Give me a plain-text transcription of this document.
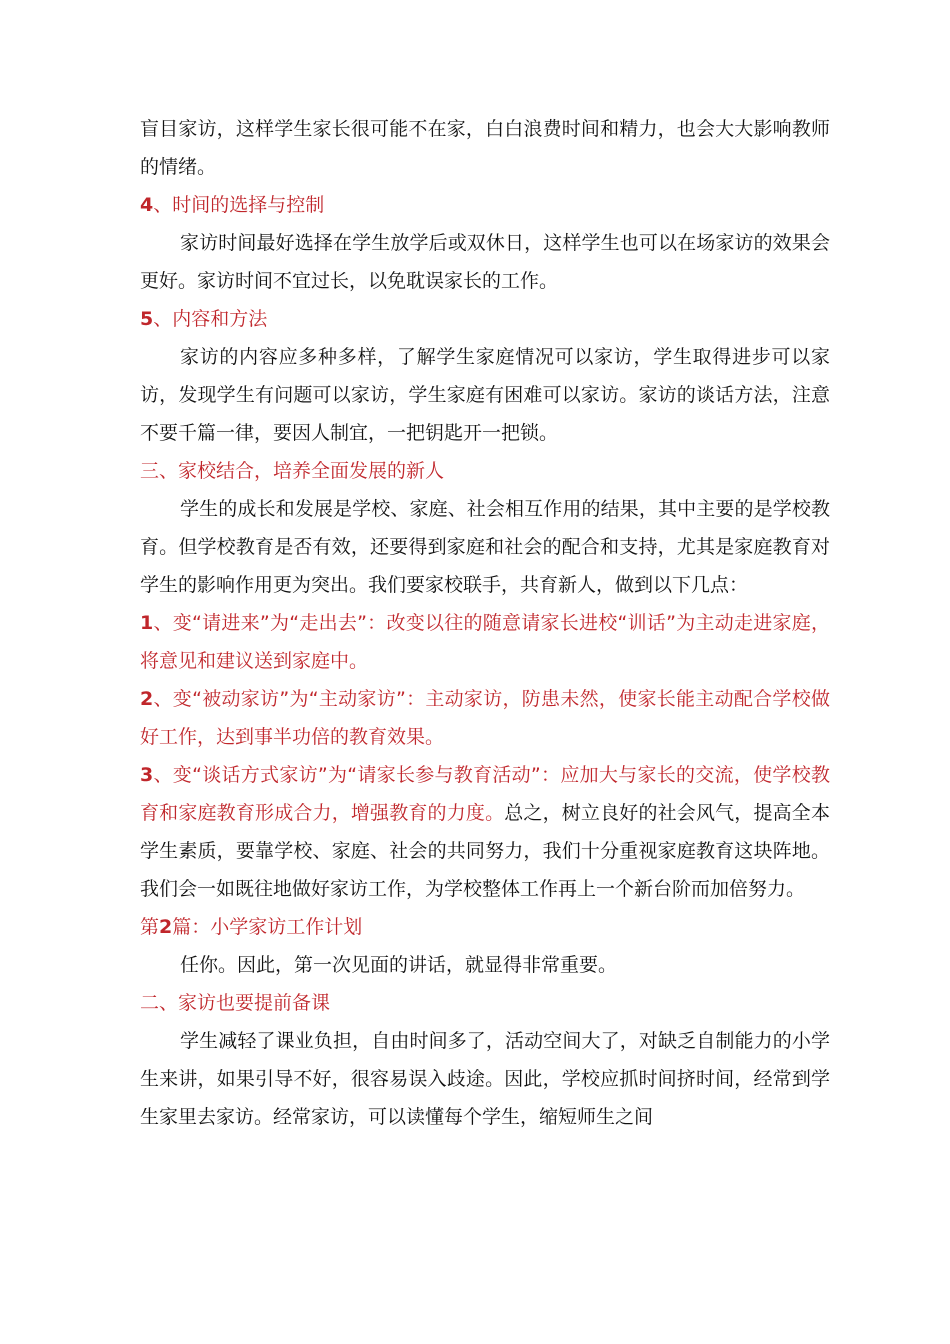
盲目家访，这样学生家长很可能不在家，白白浪费时间和精力，也会大大影响教师的情绪。

4、时间的选择与控制

家访时间最好选择在学生放学后或双休日，这样学生也可以在场家访的效果会更好。家访时间不宜过长，以免耽误家长的工作。

5、内容和方法

家访的内容应多种多样，了解学生家庭情况可以家访，学生取得进步可以家访，发现学生有问题可以家访，学生家庭有困难可以家访。家访的谈话方法，注意不要千篇一律，要因人制宜，一把钥匙开一把锁。

三、家校结合，培养全面发展的新人

学生的成长和发展是学校、家庭、社会相互作用的结果，其中主要的是学校教育。但学校教育是否有效，还要得到家庭和社会的配合和支持，尤其是家庭教育对学生的影响作用更为突出。我们要家校联手，共育新人，做到以下几点：

1、变“请进来”为“走出去”：改变以往的随意请家长进校“训话”为主动走进家庭，将意见和建议送到家庭中。

2、变“被动家访”为“主动家访”：主动家访，防患未然，使家长能主动配合学校做好工作，达到事半功倍的教育效果。

3、变“谈话方式家访”为“请家长参与教育活动”：应加大与家长的交流，使学校教育和家庭教育形成合力，增强教育的力度。总之，树立良好的社会风气，提高全本学生素质，要靠学校、家庭、社会的共同努力，我们十分重视家庭教育这块阵地。我们会一如既往地做好家访工作，为学校整体工作再上一个新台阶而加倍努力。

第2篇：小学家访工作计划

任你。因此，第一次见面的讲话，就显得非常重要。

二、家访也要提前备课

学生减轻了课业负担，自由时间多了，活动空间大了，对缺乏自制能力的小学生来讲，如果引导不好，很容易误入歧途。因此，学校应抓时间挤时间，经常到学生家里去家访。经常家访，可以读懂每个学生，缩短师生之间
